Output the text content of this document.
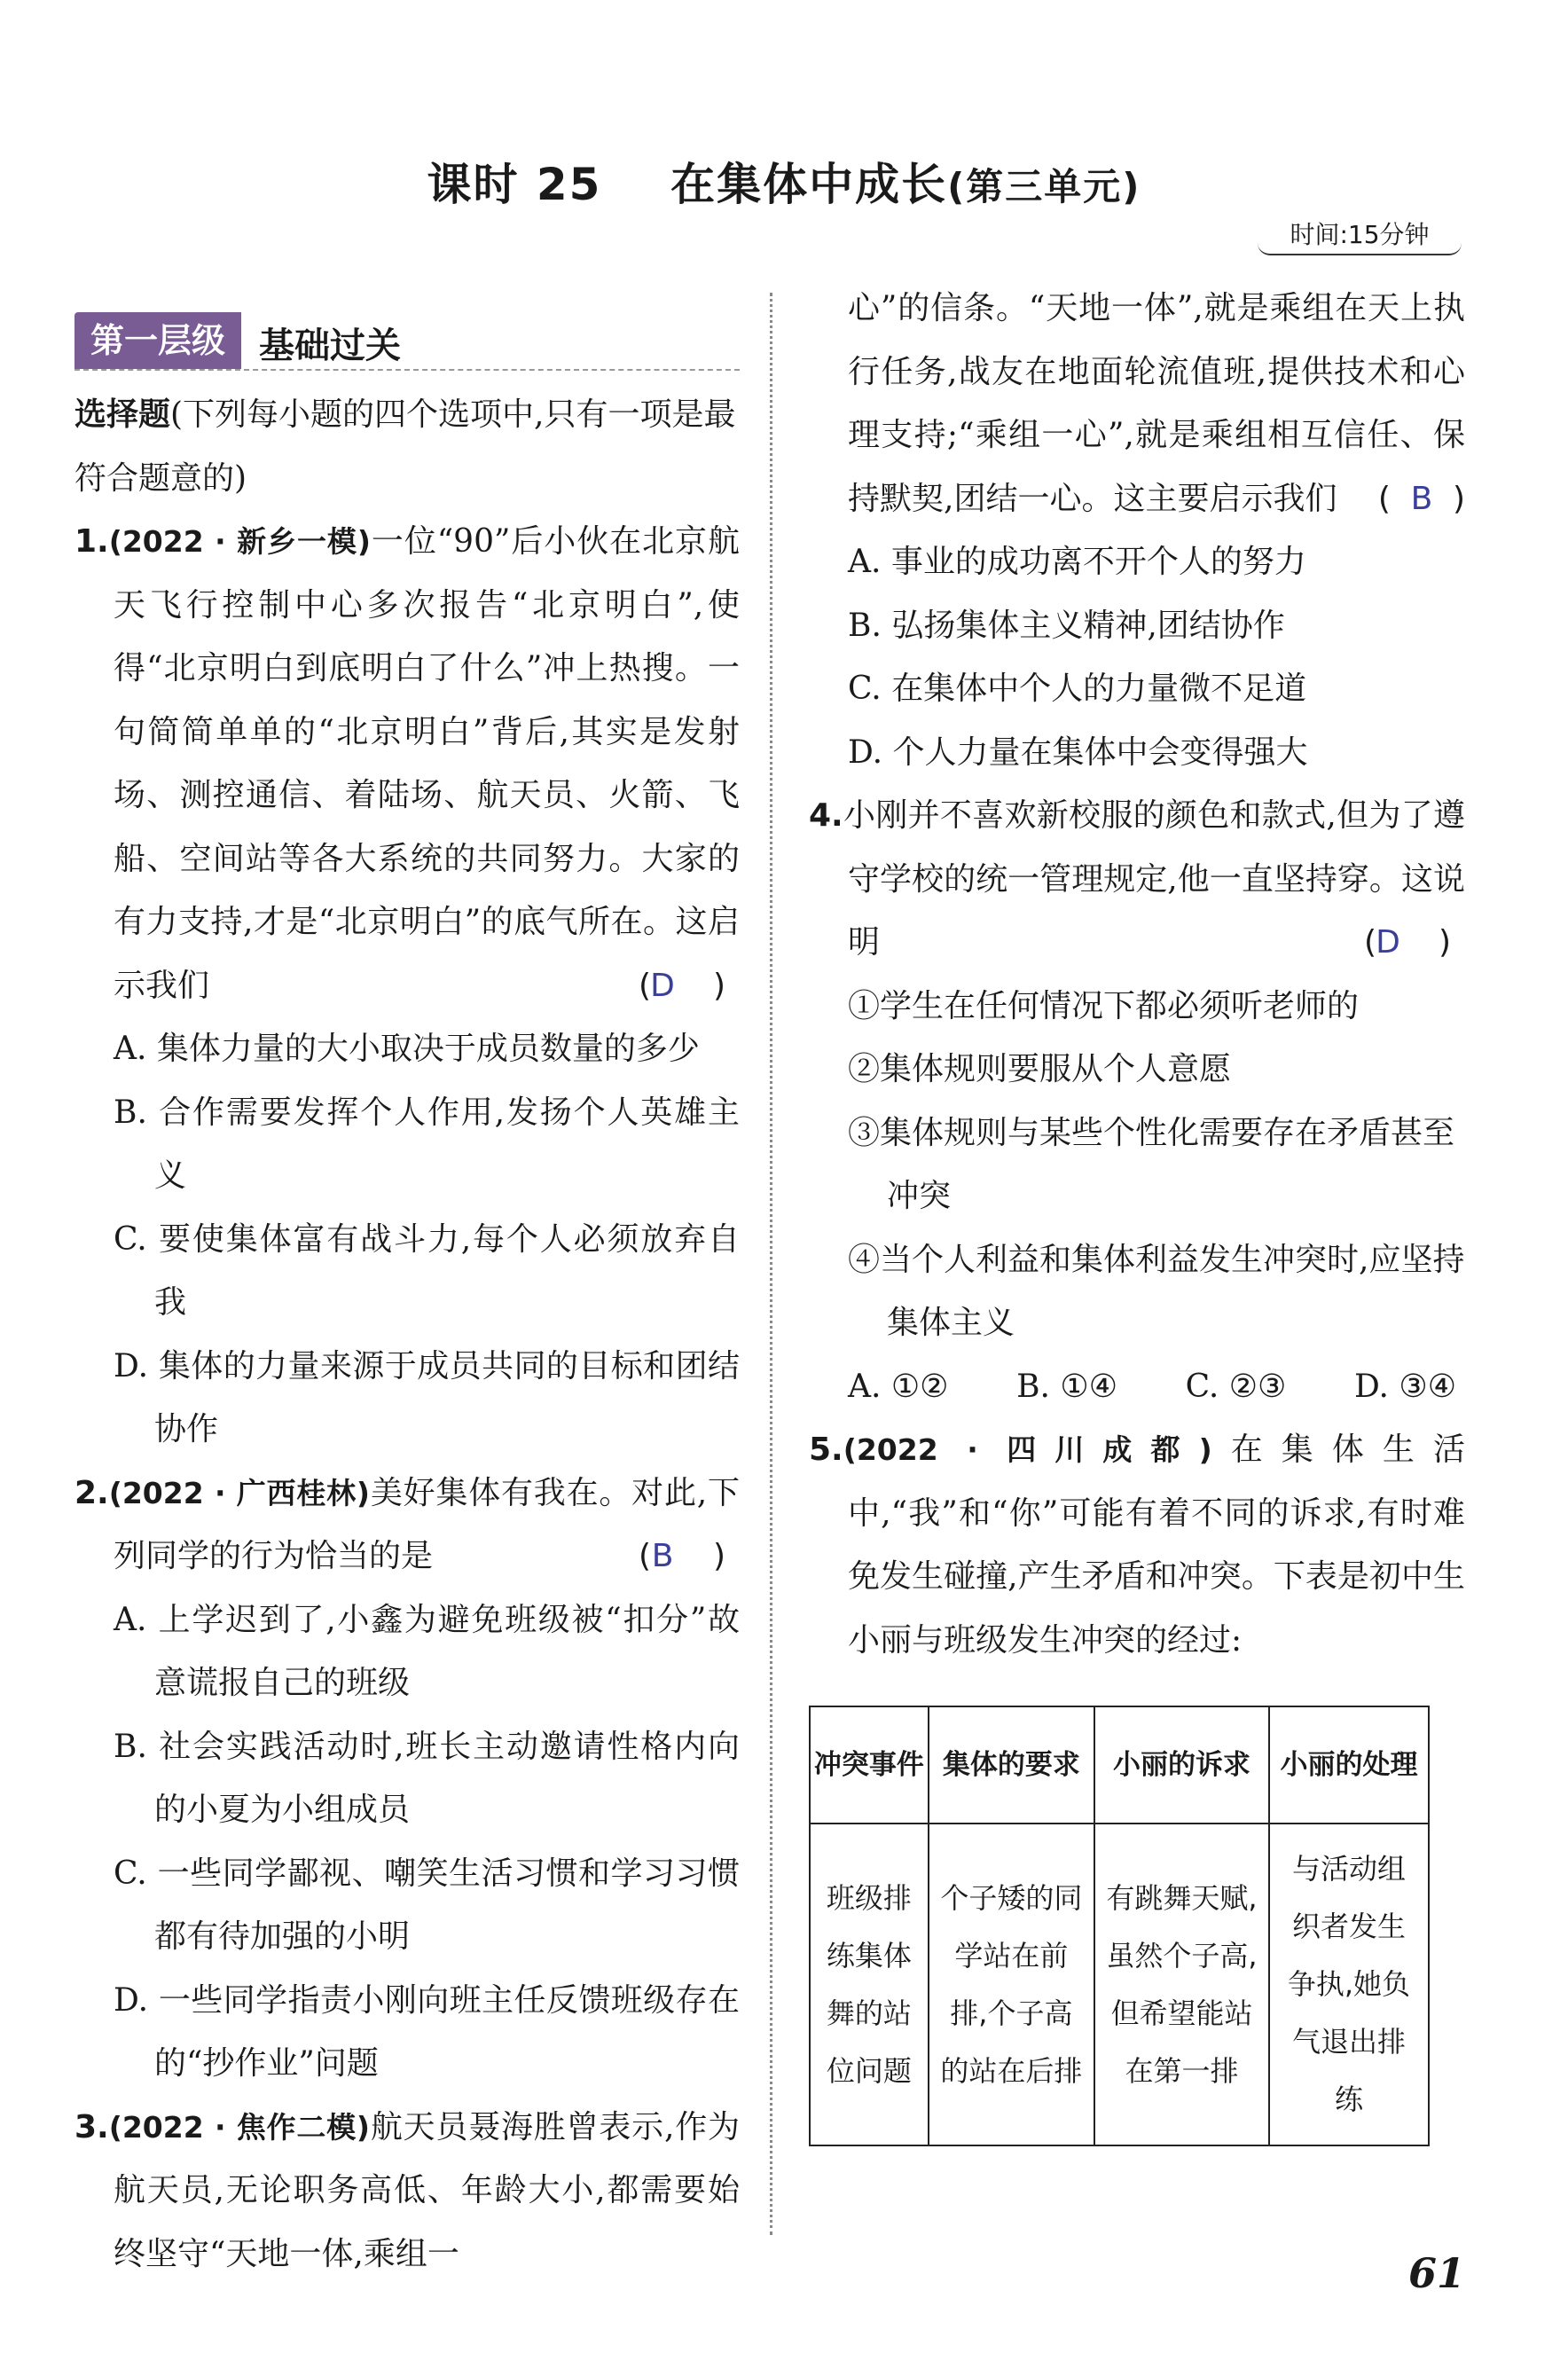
课时 25 在集体中成长(第三单元)
时间:15分钟
第一层级 基础过关

选择题(下列每小题的四个选项中,只有一项是最符合题意的)

1.(2022 · 新乡一模)一位“90”后小伙在北京航天飞行控制中心多次报告“北京明白”,使得“北京明白到底明白了什么”冲上热搜。一句简简单单的“北京明白”背后,其实是发射场、测控通信、着陆场、航天员、火箭、飞船、空间站等各大系统的共同努力。大家的有力支持,才是“北京明白”的底气所在。这启示我们	(D )

A. 集体力量的大小取决于成员数量的多少

B. 合作需要发挥个人作用,发扬个人英雄主义

C. 要使集体富有战斗力,每个人必须放弃自我

D. 集体的力量来源于成员共同的目标和团结协作

2.(2022 · 广西桂林)美好集体有我在。对此,下列同学的行为恰当的是	(B )

A. 上学迟到了,小鑫为避免班级被“扣分”故意谎报自己的班级

B. 社会实践活动时,班长主动邀请性格内向的小夏为小组成员

C. 一些同学鄙视、嘲笑生活习惯和学习习惯都有待加强的小明

D. 一些同学指责小刚向班主任反馈班级存在的“抄作业”问题

3.(2022 · 焦作二模)航天员聂海胜曾表示,作为航天员,无论职务高低、年龄大小,都需要始终坚守“天地一体,乘组一

心”的信条。“天地一体”,就是乘组在天上执行任务,战友在地面轮流值班,提供技术和心理支持;“乘组一心”,就是乘组相互信任、保持默契,团结一心。这主要启示我们 ( B )

A. 事业的成功离不开个人的努力

B. 弘扬集体主义精神,团结协作

C. 在集体中个人的力量微不足道

D. 个人力量在集体中会变得强大

4.小刚并不喜欢新校服的颜色和款式,但为了遵守学校的统一管理规定,他一直坚持穿。这说明	(D )

①学生在任何情况下都必须听老师的

②集体规则要服从个人意愿

③集体规则与某些个性化需要存在矛盾甚至冲突

④当个人利益和集体利益发生冲突时,应坚持集体主义

A. ①② B. ①④ C. ②③ D. ③④

5.(2022 · 四川成都)在集体生活中,“我”和“你”可能有着不同的诉求,有时难免发生碰撞,产生矛盾和冲突。下表是初中生小丽与班级发生冲突的经过:

冲突事件	集体的要求	小丽的诉求	小丽的处理
班级排练集体舞的站位问题	个子矮的同学站在前排,个子高的站在后排	有跳舞天赋,虽然个子高,但希望能站在第一排	与活动组织者发生争执,她负气退出排练
61
